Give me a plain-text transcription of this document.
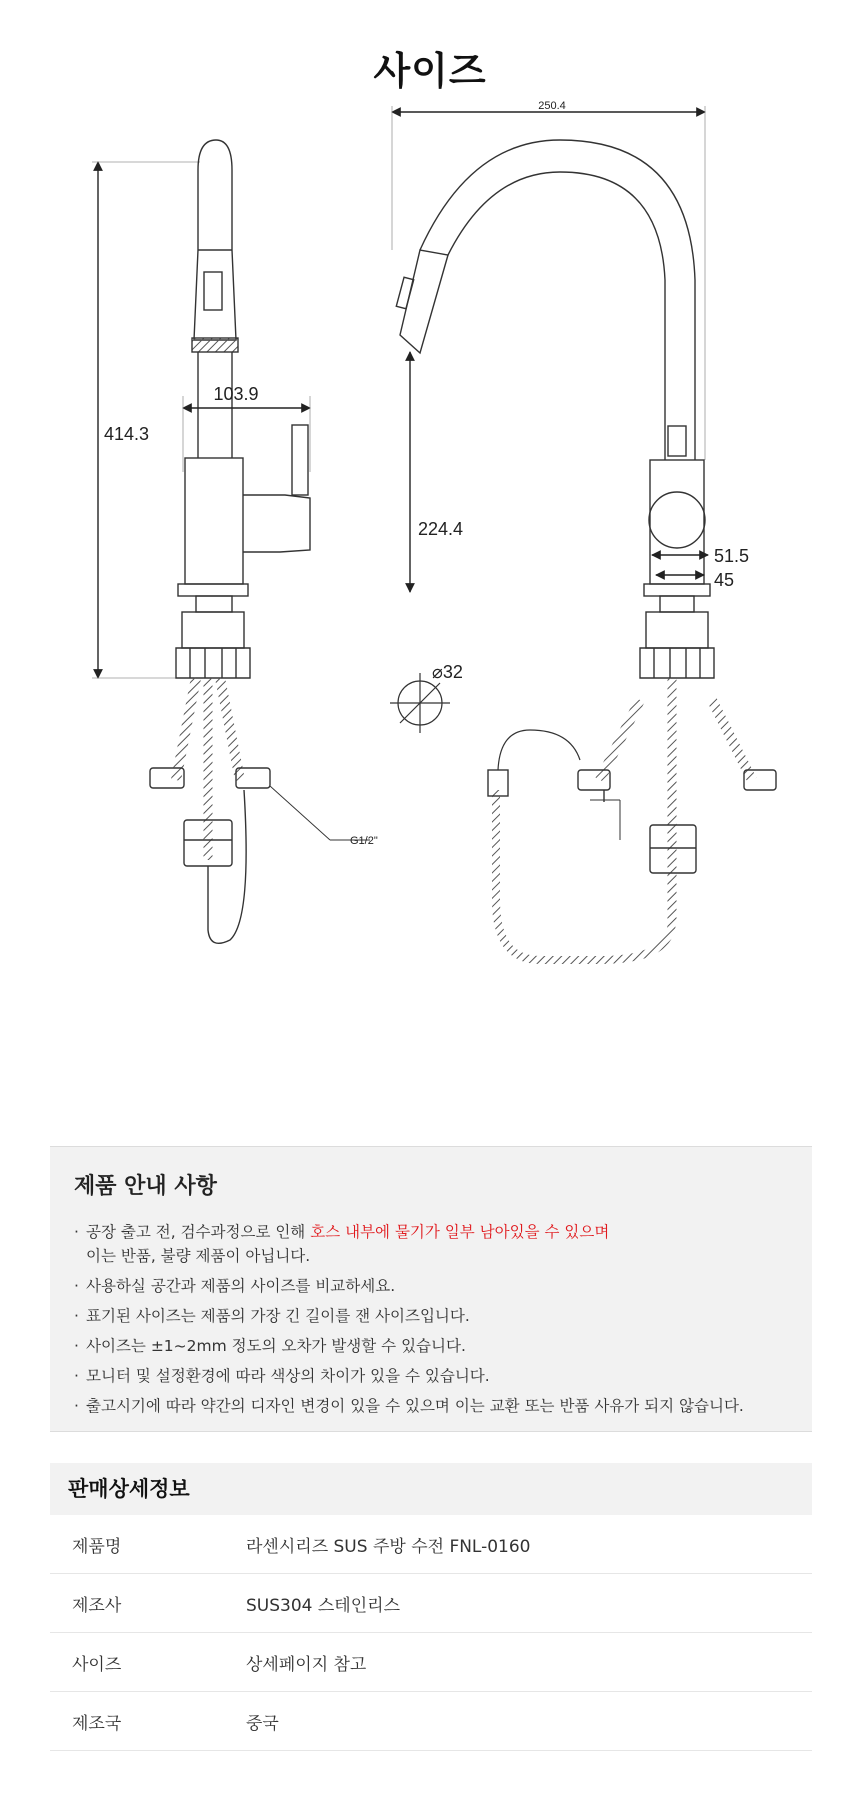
사이즈
414.3
103.9
250.4
224.4
51.5
45
⌀32
G1/2"
제품 안내 사항
· 공장 출고 전, 검수과정으로 인해 호스 내부에 물기가 일부 남아있을 수 있으며
이는 반품, 불량 제품이 아닙니다.
· 사용하실 공간과 제품의 사이즈를 비교하세요.
· 표기된 사이즈는 제품의 가장 긴 길이를 잰 사이즈입니다.
· 사이즈는 ±1~2mm 정도의 오차가 발생할 수 있습니다.
· 모니터 및 설정환경에 따라 색상의 차이가 있을 수 있습니다.
· 출고시기에 따라 약간의 디자인 변경이 있을 수 있으며 이는 교환 또는 반품 사유가 되지 않습니다.
판매상세정보
제품명	라센시리즈 SUS 주방 수전 FNL-0160
제조사	SUS304 스테인리스
사이즈	상세페이지 참고
제조국	중국
